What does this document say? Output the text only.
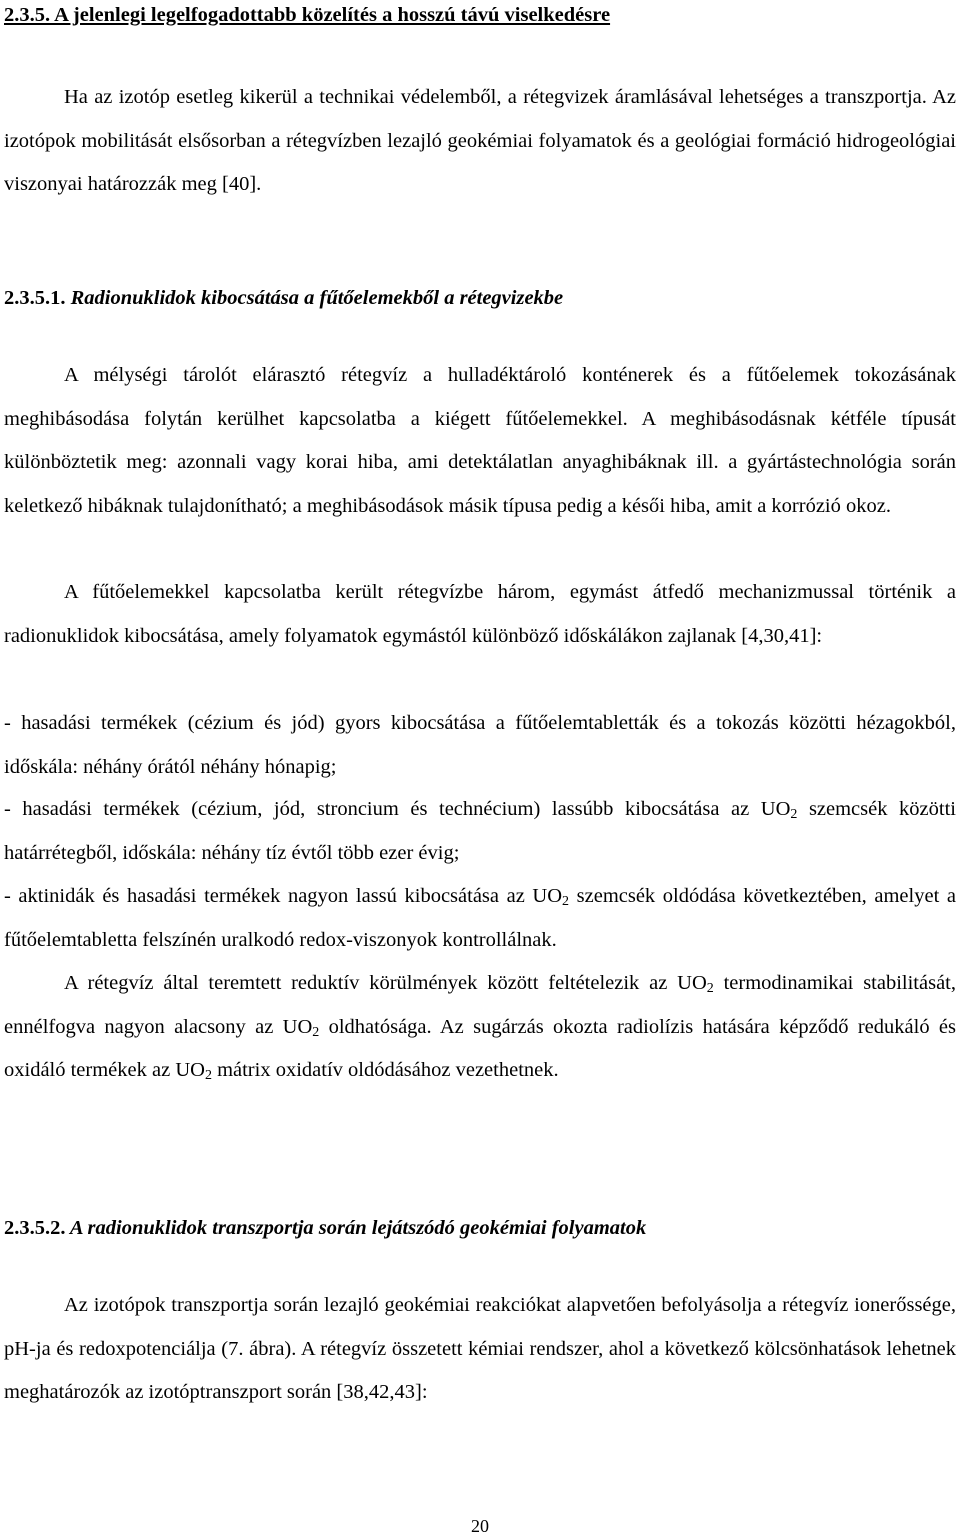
2.3.5. A jelenlegi legelfogadottabb közelítés a hosszú távú viselkedésre

Ha az izotóp esetleg kikerül a technikai védelemből, a rétegvizek áramlásával lehetséges a transzportja. Az izotópok mobilitását elsősorban a rétegvízben lezajló geokémiai folyamatok és a geológiai formáció hidrogeológiai viszonyai határozzák meg [40].

2.3.5.1. Radionuklidok kibocsátása a fűtőelemekből a rétegvizekbe

A mélységi tárolót elárasztó rétegvíz a hulladéktároló konténerek és a fűtőelemek tokozásának meghibásodása folytán kerülhet kapcsolatba a kiégett fűtőelemekkel. A meghibásodásnak kétféle típusát különböztetik meg: azonnali vagy korai hiba, ami detektálatlan anyaghibáknak ill. a gyártástechnológia során keletkező hibáknak tulajdonítható; a meghibásodások másik típusa pedig a késői hiba, amit a korrózió okoz.

A fűtőelemekkel kapcsolatba került rétegvízbe három, egymást átfedő mechanizmussal történik a radionuklidok kibocsátása, amely folyamatok egymástól különböző időskálákon zajlanak [4,30,41]:

- hasadási termékek (cézium és jód) gyors kibocsátása a fűtőelemtabletták és a tokozás közötti hézagokból, időskála: néhány órától néhány hónapig;

- hasadási termékek (cézium, jód, stroncium és technécium) lassúbb kibocsátása az $UO_2$ szemcsék közötti határrétegből, időskála: néhány tíz évtől több ezer évig;

- aktinidák és hasadási termékek nagyon lassú kibocsátása az $UO_2$ szemcsék oldódása következtében, amelyet a fűtőelemtabletta felszínén uralkodó redox-viszonyok kontrollálnak.

A rétegvíz által teremtett reduktív körülmények között feltételezik az $UO_2$ termodinamikai stabilitását, ennélfogva nagyon alacsony az $UO_2$ oldhatósága. Az sugárzás okozta radiolízis hatására képződő redukáló és oxidáló termékek az $UO_2$ mátrix oxidatív oldódásához vezethetnek.

2.3.5.2. A radionuklidok transzportja során lejátszódó geokémiai folyamatok

Az izotópok transzportja során lezajló geokémiai reakciókat alapvetően befolyásolja a rétegvíz ionerőssége, pH-ja és redoxpotenciálja (7. ábra). A rétegvíz összetett kémiai rendszer, ahol a következő kölcsönhatások lehetnek meghatározók az izotóptranszport során [38,42,43]:

20
